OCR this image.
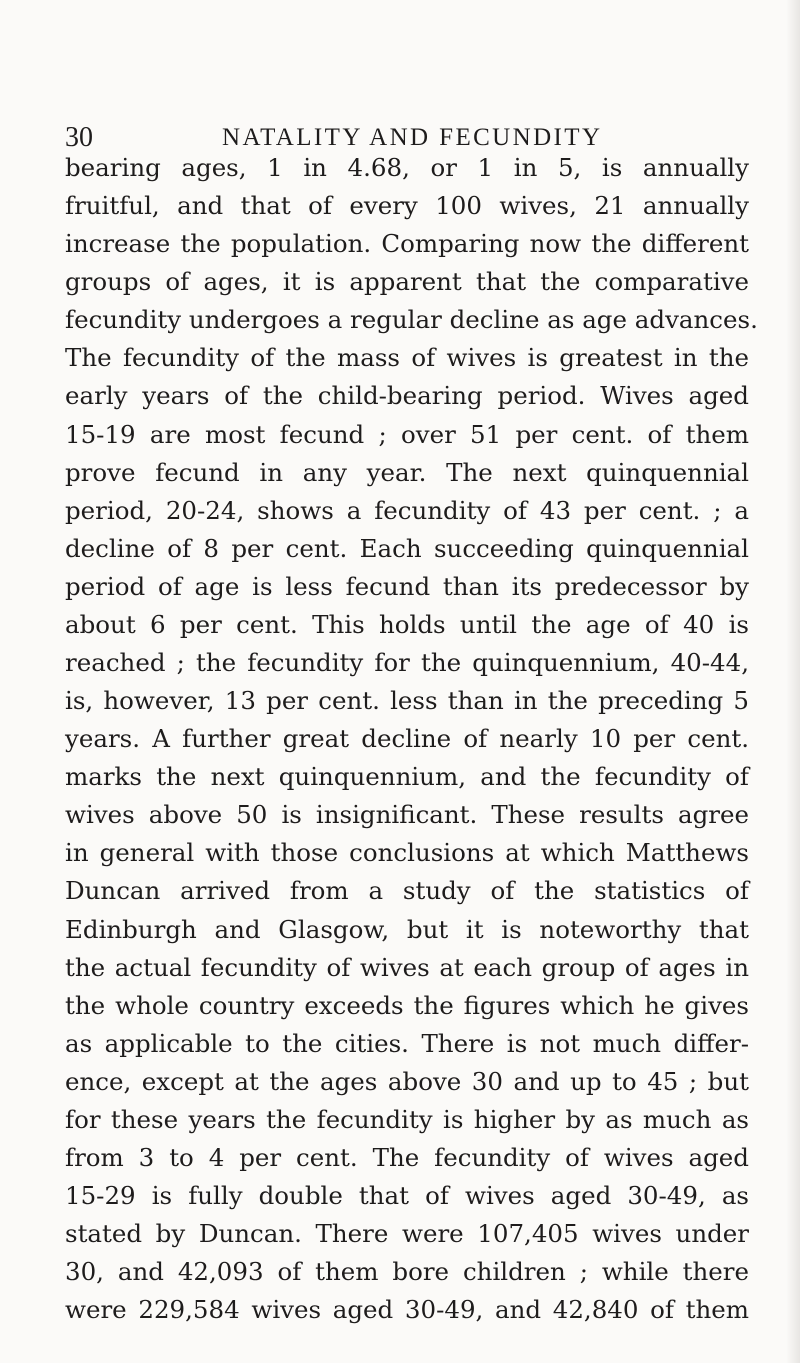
30	NATALITY AND FECUNDITY
bearing ages, 1 in 4.68, or 1 in 5, is annually
fruitful, and that of every 100 wives, 21 annually
increase the population. Comparing now the different
groups of ages, it is apparent that the comparative
fecundity undergoes a regular decline as age advances.
The fecundity of the mass of wives is greatest in the
early years of the child-bearing period. Wives aged
15-19 are most fecund ; over 51 per cent. of them
prove fecund in any year. The next quinquennial
period, 20-24, shows a fecundity of 43 per cent. ; a
decline of 8 per cent. Each succeeding quinquennial
period of age is less fecund than its predecessor by
about 6 per cent. This holds until the age of 40 is
reached ; the fecundity for the quinquennium, 40-44,
is, however, 13 per cent. less than in the preceding 5
years. A further great decline of nearly 10 per cent.
marks the next quinquennium, and the fecundity of
wives above 50 is insignificant. These results agree
in general with those conclusions at which Matthews
Duncan arrived from a study of the statistics of
Edinburgh and Glasgow, but it is noteworthy that
the actual fecundity of wives at each group of ages in
the whole country exceeds the figures which he gives
as applicable to the cities. There is not much differ-
ence, except at the ages above 30 and up to 45 ; but
for these years the fecundity is higher by as much as
from 3 to 4 per cent. The fecundity of wives aged
15-29 is fully double that of wives aged 30-49, as
stated by Duncan. There were 107,405 wives under
30, and 42,093 of them bore children ; while there
were 229,584 wives aged 30-49, and 42,840 of them
